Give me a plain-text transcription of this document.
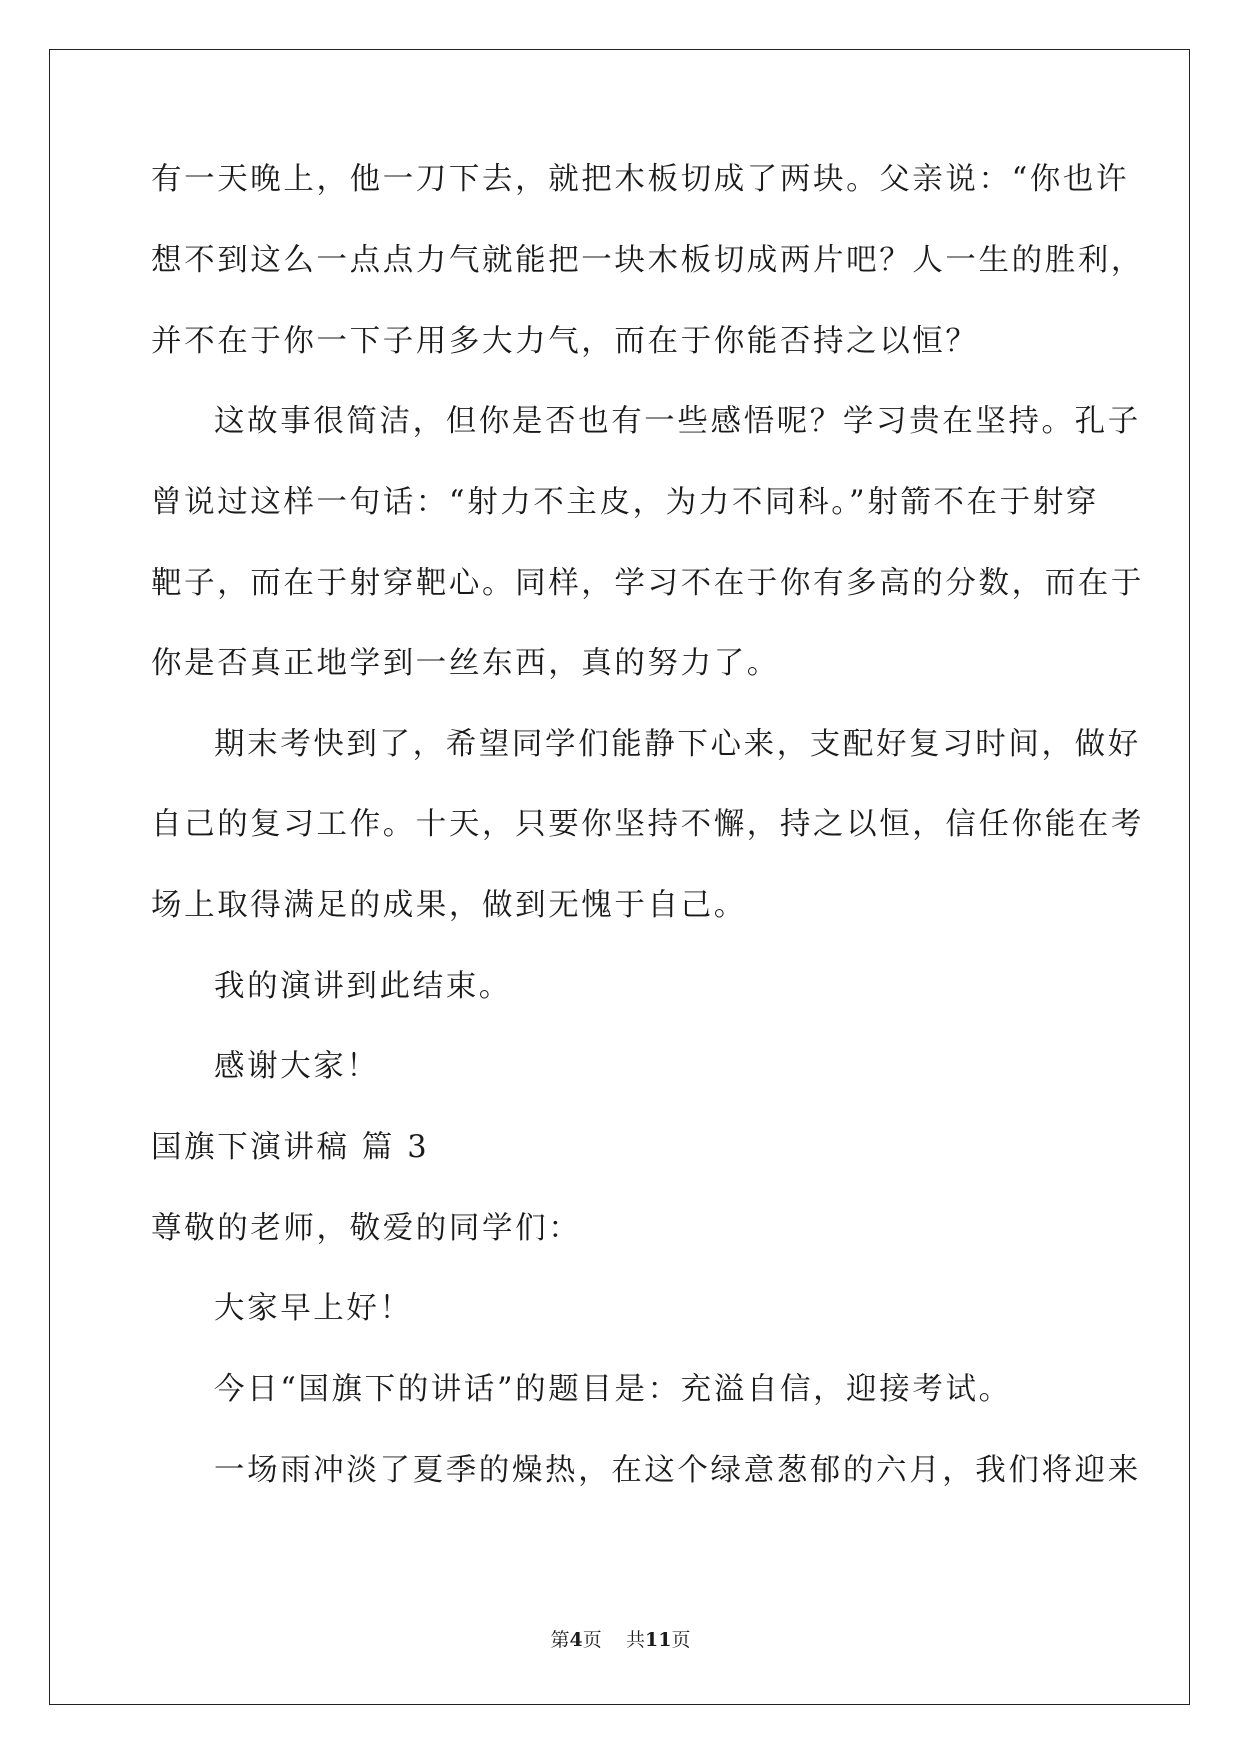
有一天晚上，他一刀下去，就把木板切成了两块。父亲说：“你也许
想不到这么一点点力气就能把一块木板切成两片吧？人一生的胜利，
并不在于你一下子用多大力气，而在于你能否持之以恒？
这故事很简洁，但你是否也有一些感悟呢？学习贵在坚持。孔子
曾说过这样一句话：“射力不主皮，为力不同科。”射箭不在于射穿
靶子，而在于射穿靶心。同样，学习不在于你有多高的分数，而在于
你是否真正地学到一丝东西，真的努力了。
期末考快到了，希望同学们能静下心来，支配好复习时间，做好
自己的复习工作。十天，只要你坚持不懈，持之以恒，信任你能在考
场上取得满足的成果，做到无愧于自己。
我的演讲到此结束。
感谢大家！
国旗下演讲稿 篇 3
尊敬的老师，敬爱的同学们：
大家早上好！
今日“国旗下的讲话”的题目是：充溢自信，迎接考试。
一场雨冲淡了夏季的燥热，在这个绿意葱郁的六月，我们将迎来
第4页 共11页
